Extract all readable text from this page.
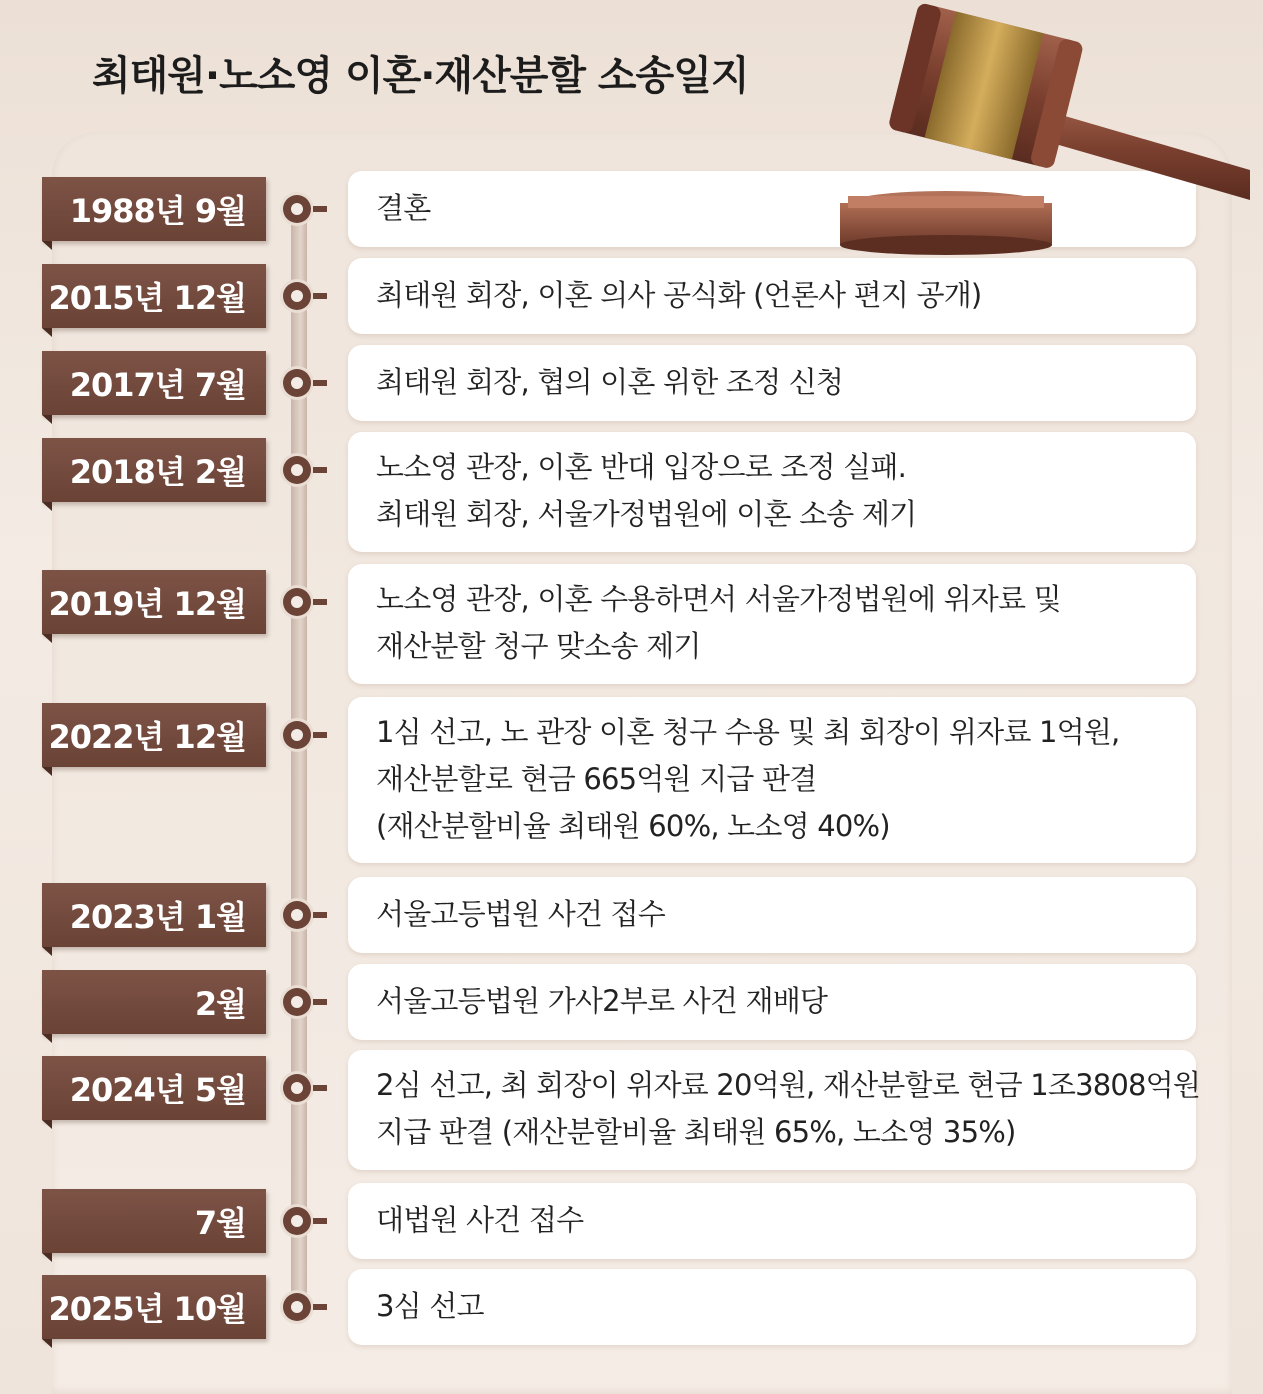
최태원·노소영 이혼·재산분할 소송일지
1988년 9월	결혼
2015년 12월	최태원 회장, 이혼 의사 공식화 (언론사 편지 공개)
2017년 7월	최태원 회장, 협의 이혼 위한 조정 신청
2018년 2월	노소영 관장, 이혼 반대 입장으로 조정 실패.
최태원 회장, 서울가정법원에 이혼 소송 제기
2019년 12월	노소영 관장, 이혼 수용하면서 서울가정법원에 위자료 및
재산분할 청구 맞소송 제기
2022년 12월	1심 선고, 노 관장 이혼 청구 수용 및 최 회장이 위자료 1억원,
재산분할로 현금 665억원 지급 판결
(재산분할비율 최태원 60%, 노소영 40%)
2023년 1월	서울고등법원 사건 접수
2월	서울고등법원 가사2부로 사건 재배당
2024년 5월	2심 선고, 최 회장이 위자료 20억원, 재산분할로 현금 1조3808억원
지급 판결 (재산분할비율 최태원 65%, 노소영 35%)
7월	대법원 사건 접수
2025년 10월	3심 선고
